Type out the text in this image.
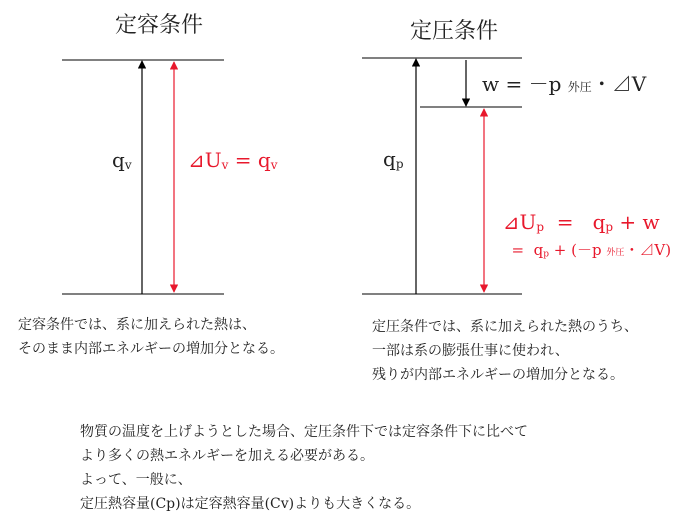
定容条件	定圧条件
$q_v$	$⊿U_v = q_v$	$q_p$
w = －p 外圧・⊿V

$⊿U_p = q_p + w$

=  $q_p + (-p$ 外圧・⊿V)

定容条件では、系に加えられた熱は、
そのまま内部エネルギーの増加分となる。
定圧条件では、系に加えられた熱のうち、
一部は系の膨張仕事に使われ、
残りが内部エネルギーの増加分となる。
物質の温度を上げようとした場合、定圧条件下では定容条件下に比べて
より多くの熱エネルギーを加える必要がある。
よって、一般に、
定圧熱容量(Cp)は定容熱容量(Cv)よりも大きくなる。
